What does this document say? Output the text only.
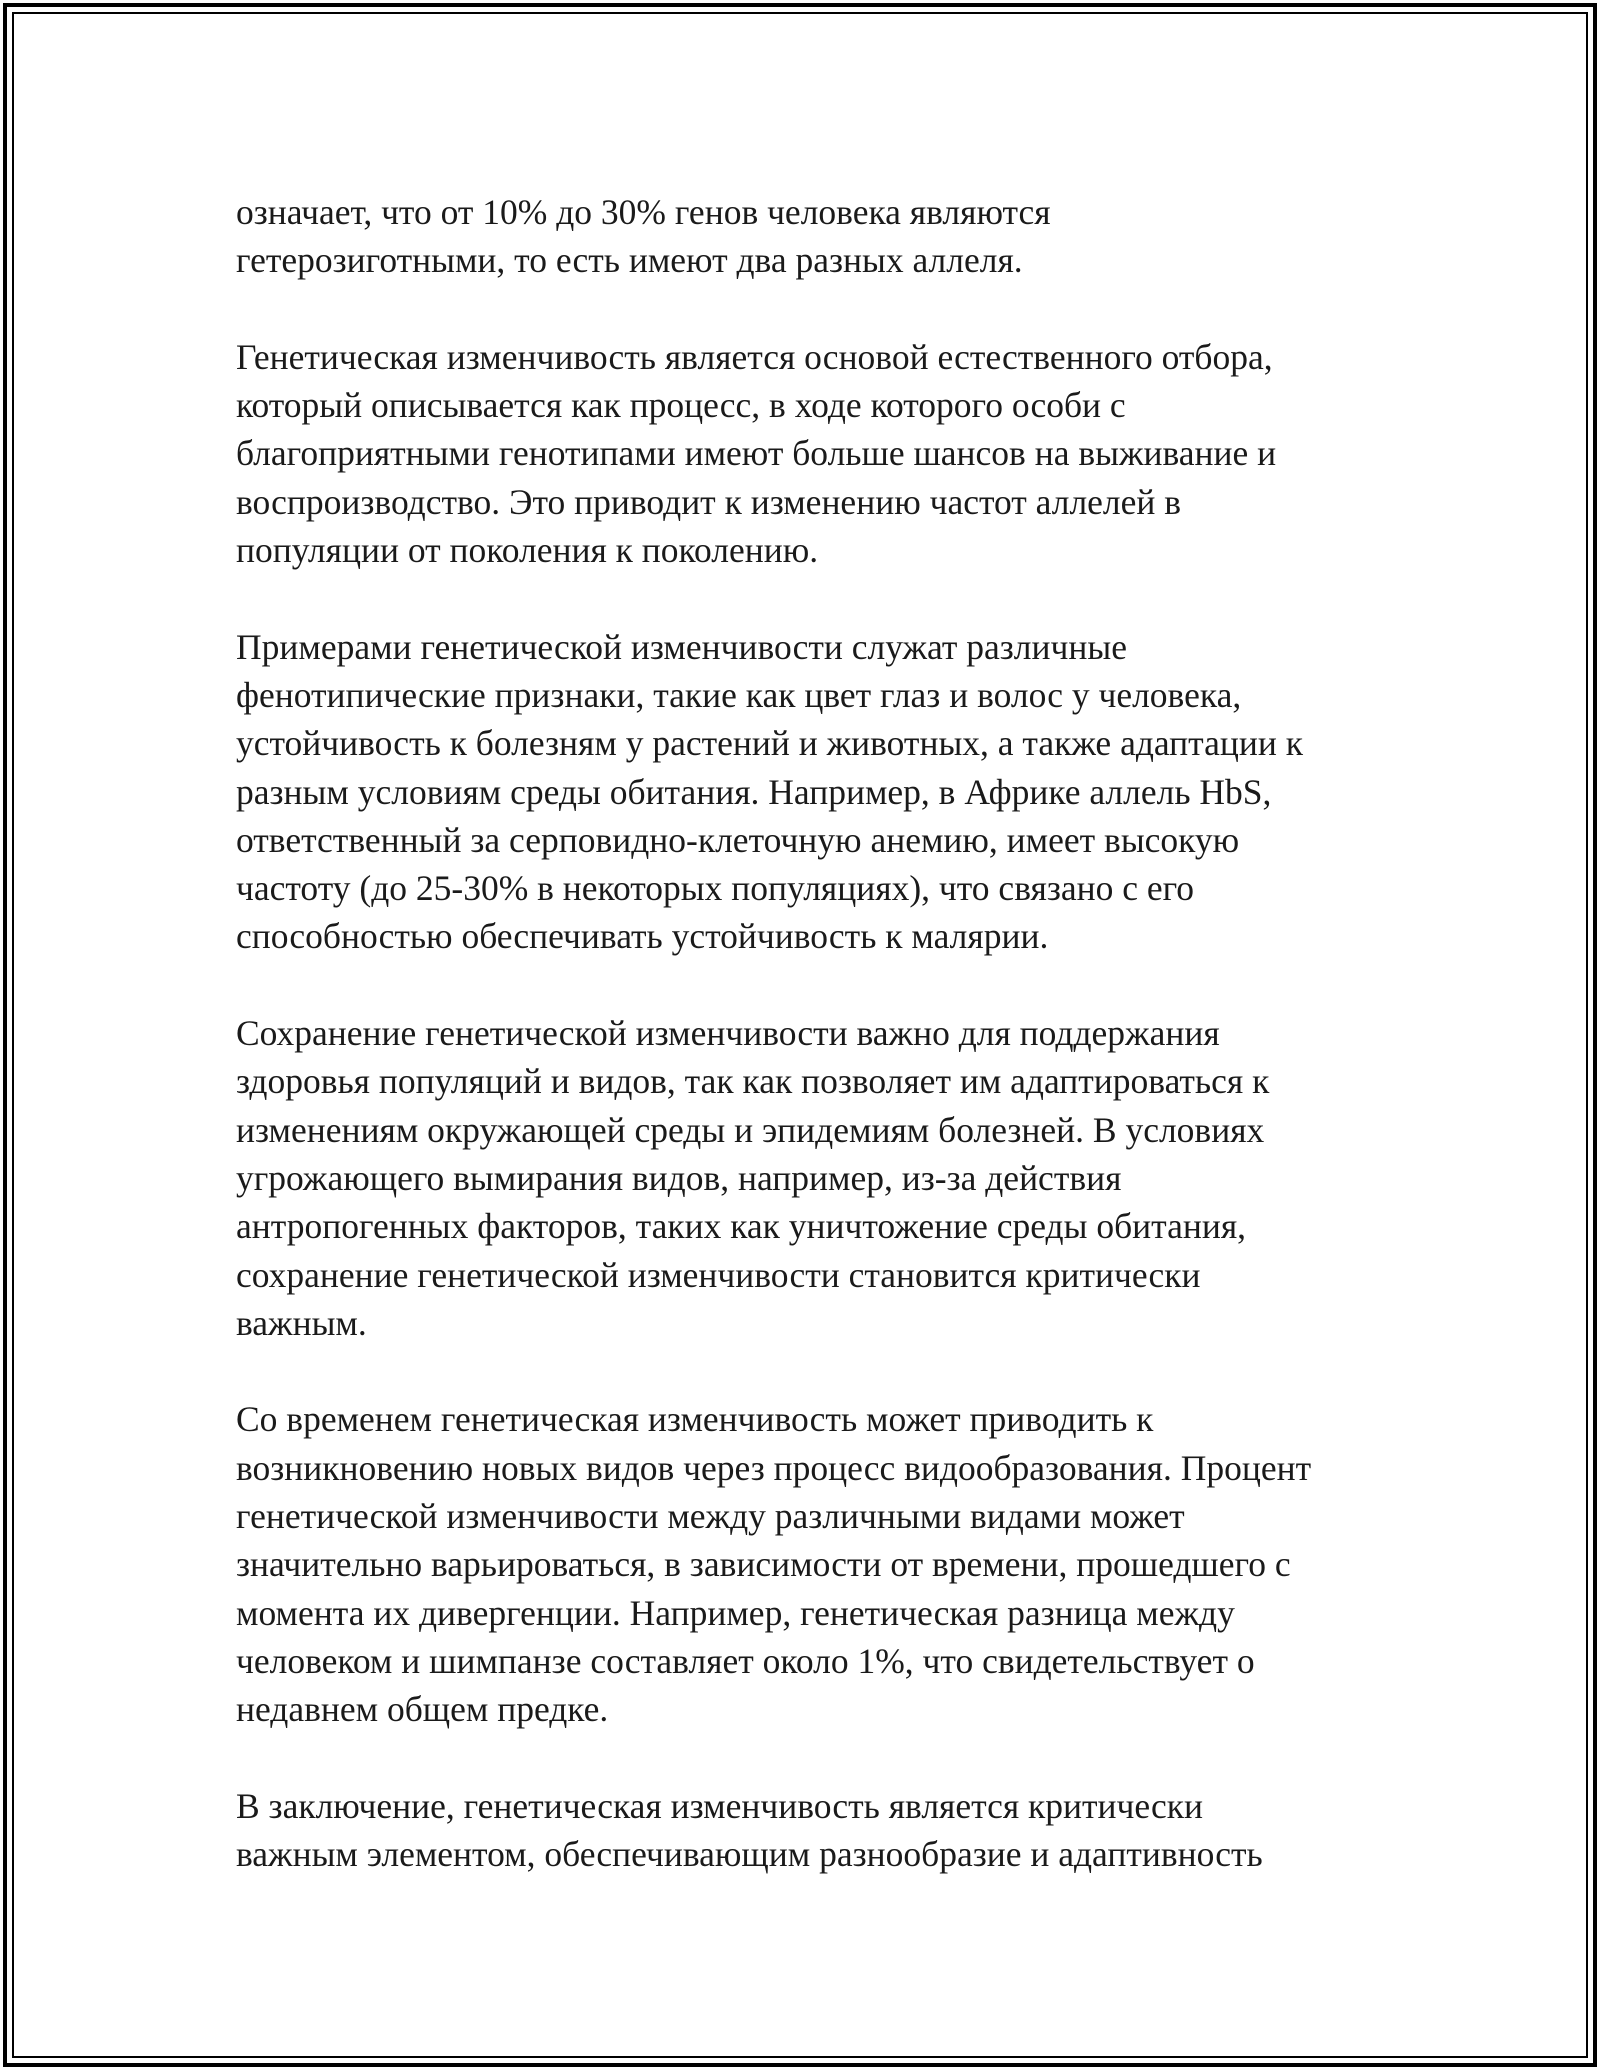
означает, что от 10% до 30% генов человека являются
гетерозиготными, то есть имеют два разных аллеля.

Генетическая изменчивость является основой естественного отбора,
который описывается как процесс, в ходе которого особи с
благоприятными генотипами имеют больше шансов на выживание и
воспроизводство. Это приводит к изменению частот аллелей в
популяции от поколения к поколению.

Примерами генетической изменчивости служат различные
фенотипические признаки, такие как цвет глаз и волос у человека,
устойчивость к болезням у растений и животных, а также адаптации к
разным условиям среды обитания. Например, в Африке аллель HbS,
ответственный за серповидно-клеточную анемию, имеет высокую
частоту (до 25-30% в некоторых популяциях), что связано с его
способностью обеспечивать устойчивость к малярии.

Сохранение генетической изменчивости важно для поддержания
здоровья популяций и видов, так как позволяет им адаптироваться к
изменениям окружающей среды и эпидемиям болезней. В условиях
угрожающего вымирания видов, например, из-за действия
антропогенных факторов, таких как уничтожение среды обитания,
сохранение генетической изменчивости становится критически
важным.

Со временем генетическая изменчивость может приводить к
возникновению новых видов через процесс видообразования. Процент
генетической изменчивости между различными видами может
значительно варьироваться, в зависимости от времени, прошедшего с
момента их дивергенции. Например, генетическая разница между
человеком и шимпанзе составляет около 1%, что свидетельствует о
недавнем общем предке.

В заключение, генетическая изменчивость является критически
важным элементом, обеспечивающим разнообразие и адаптивность
